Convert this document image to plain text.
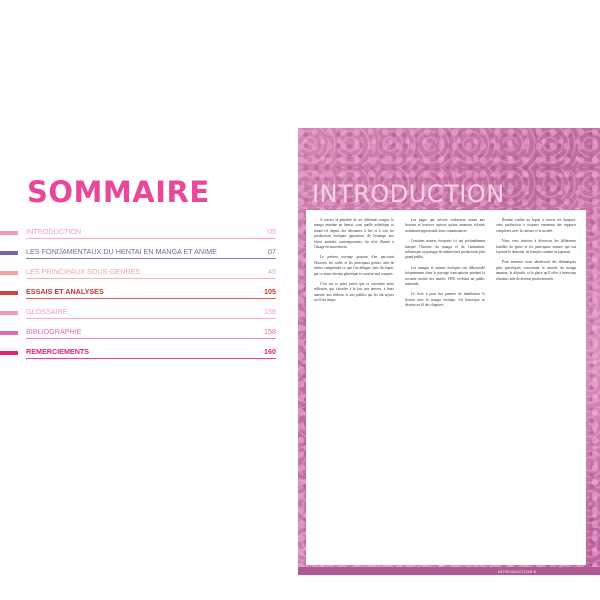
SOMMAIRE
INTRODUCTION	05
LES FONDAMENTAUX DU HENTAI EN MANGA ET ANIME	07
LES PRINCIPAUX SOUS-GENRES	45
ESSAIS ET ANALYSES	105
GLOSSAIRE	156
BIBLIOGRAPHIE	158
REMERCIEMENTS	160
INTRODUCTION

À travers la pluralité de ses différents usages, le manga entraîne au hentai, sous quelle esthétique se donne-t-il depuis des décennies à lire et à voir les productions érotiques japonaises, de l'estampe aux séries animées contemporaines, du récit illustré à l'image en mouvement.

Le présent ouvrage propose d'en parcourir l'histoire, les codes et les principaux genres, afin de mieux comprendre ce que l'on désigne, hors du Japon, par ce terme devenu générique et souvent mal compris.

C'est sur ce point précis que se concentre notre réflexion, qui s'attache à la fois aux œuvres, à leurs auteurs, aux éditeurs et aux publics qui les ont reçues au fil du temps.

Les pages qui suivent s'adressent autant aux lecteurs et lectrices curieux qu'aux amateurs éclairés souhaitant approfondir leurs connaissances.

Certaines œuvres évoquées ici ont profondément marqué l'histoire du manga et de l'animation, influençant au passage de nombreuses productions plus grand public.

Les mangas et animes érotiques ont déboussolé fréquemment dans le paysage francophone pendant la seconde moitié des années 1990, révélant un public inattendu.

Ce livre a pour but premier de familiariser le lecteur avec le manga érotique. Un historique se dessine au fil des chapitres.

Rendue visible au Japon à travers les époques, cette production a toujours entretenu des rapports complexes avec la censure et la société.

Nous vous invitons à découvrir les différentes familles de genre et les principaux auteurs qui ont façonné le domaine, en français comme en japonais.

Pour terminer, nous aborderons des thématiques plus spécifiques concernant le monde du manga amateur, le dōjinshi, et la place qu'il offre à beaucoup d'auteurs afin de devenir professionnels.

INTRODUCTION 5
